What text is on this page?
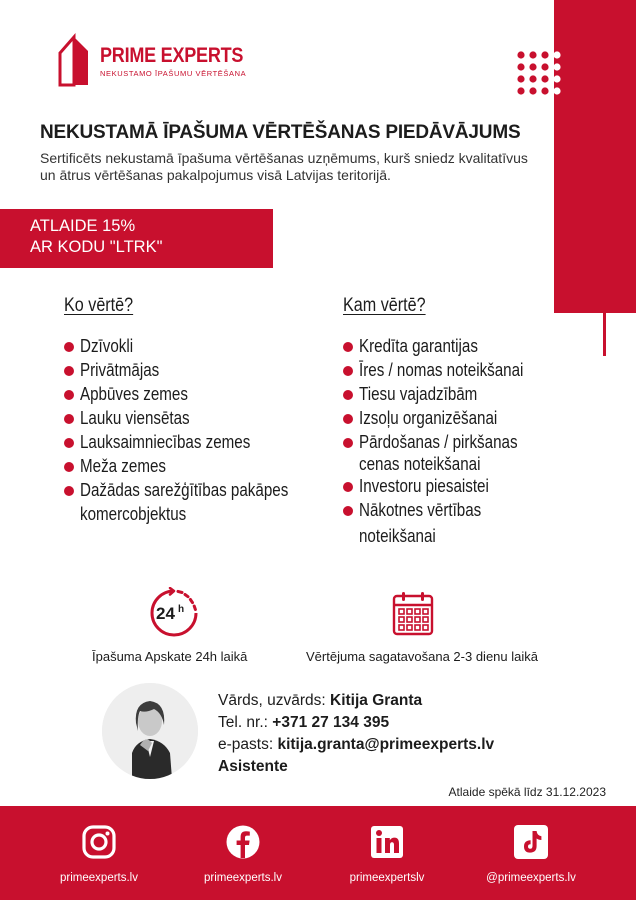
PRIME EXPERTS
NEKUSTAMO ĪPAŠUMU VĒRTĒŠANA
NEKUSTAMĀ ĪPAŠUMA VĒRTĒŠANAS PIEDĀVĀJUMS

Sertificēts nekustamā īpašuma vērtēšanas uzņēmums, kurš sniedz kvalitatīvus un ātrus vērtēšanas pakalpojumus visā Latvijas teritorijā.

ATLAIDE 15%
AR KODU "LTRK"
Ko vērtē?
Dzīvokli
Privātmājas
Apbūves zemes
Lauku viensētas
Lauksaimniecības zemes
Meža zemes
Dažādas sarežģītības pakāpes
komercobjektus
Kam vērtē?
Kredīta garantijas
Īres / nomas noteikšanai
Tiesu vajadzībām
Izsoļu organizēšanai
Pārdošanas / pirkšanas
cenas noteikšanai
Investoru piesaistei
Nākotnes vērtības
noteikšanai
24 h
Īpašuma Apskate 24h laikā	Vērtējuma sagatavošana 2-3 dienu laikā
Vārds, uzvārds: Kitija Granta
Tel. nr.: +371 27 134 395
e-pasts: kitija.granta@primeexperts.lv
Asistente
Atlaide spēkā līdz 31.12.2023
primeexperts.lv	primeexperts.lv	primeexpertslv	@primeexperts.lv
